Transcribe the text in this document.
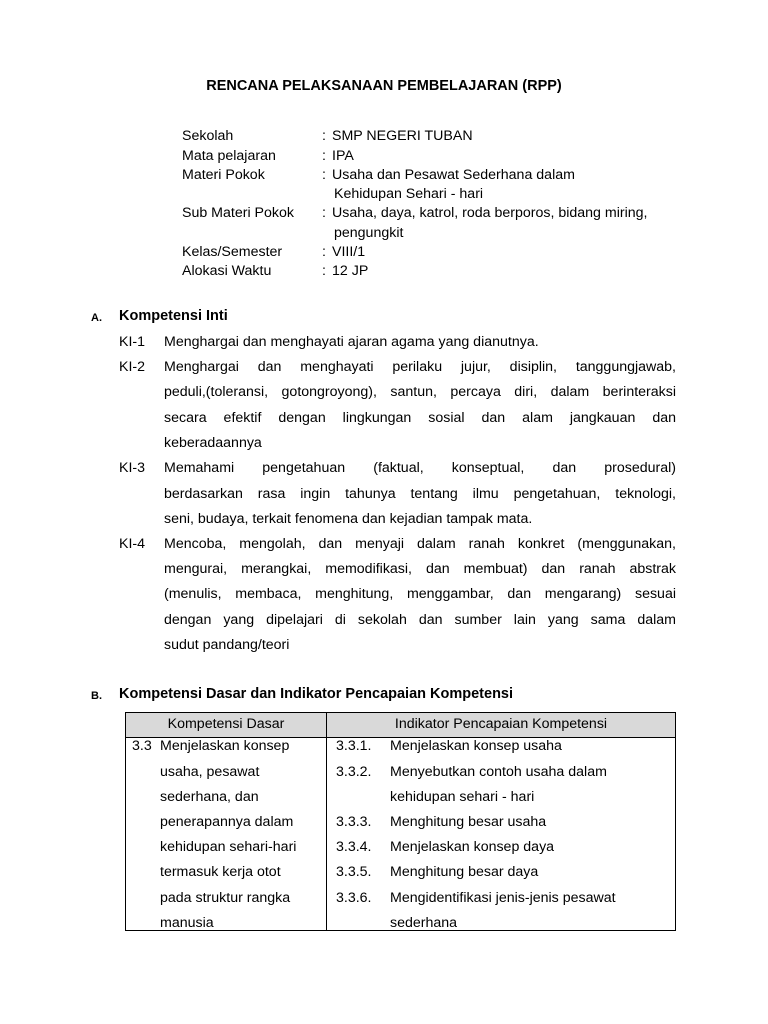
RENCANA PELAKSANAAN PEMBELAJARAN (RPP)
Sekolah	: SMP NEGERI TUBAN
Mata pelajaran	: IPA
Materi Pokok	: Usaha dan Pesawat Sederhana dalam
Kehidupan Sehari - hari
Sub Materi Pokok : Usaha, daya, katrol, roda berporos, bidang miring,
pengungkit
Kelas/Semester	: VIII/1
Alokasi Waktu	: 12 JP
A. Kompetensi Inti
KI-1 Menghargai dan menghayati ajaran agama yang dianutnya.
KI-2 Menghargai dan menghayati perilaku jujur, disiplin, tanggungjawab,
peduli,(toleransi, gotongroyong), santun, percaya diri, dalam berinteraksi
secara efektif dengan lingkungan sosial dan alam jangkauan dan
keberadaannya
KI-3 Memahami pengetahuan (faktual, konseptual, dan prosedural)
berdasarkan rasa ingin tahunya tentang ilmu pengetahuan, teknologi,
seni, budaya, terkait fenomena dan kejadian tampak mata.
KI-4 Mencoba, mengolah, dan menyaji dalam ranah konkret (menggunakan,
mengurai, merangkai, memodifikasi, dan membuat) dan ranah abstrak
(menulis, membaca, menghitung, menggambar, dan mengarang) sesuai
dengan yang dipelajari di sekolah dan sumber lain yang sama dalam
sudut pandang/teori
B. Kompetensi Dasar dan Indikator Pencapaian Kompetensi
Kompetensi Dasar	Indikator Pencapaian Kompetensi
3.3 Menjelaskan konsep
usaha, pesawat
sederhana, dan
penerapannya dalam
kehidupan sehari-hari
termasuk kerja otot
pada struktur rangka
manusia
3.3.1. Menjelaskan konsep usaha
3.3.2. Menyebutkan contoh usaha dalam
kehidupan sehari - hari
3.3.3. Menghitung besar usaha
3.3.4. Menjelaskan konsep daya
3.3.5. Menghitung besar daya
3.3.6. Mengidentifikasi jenis-jenis pesawat
sederhana
